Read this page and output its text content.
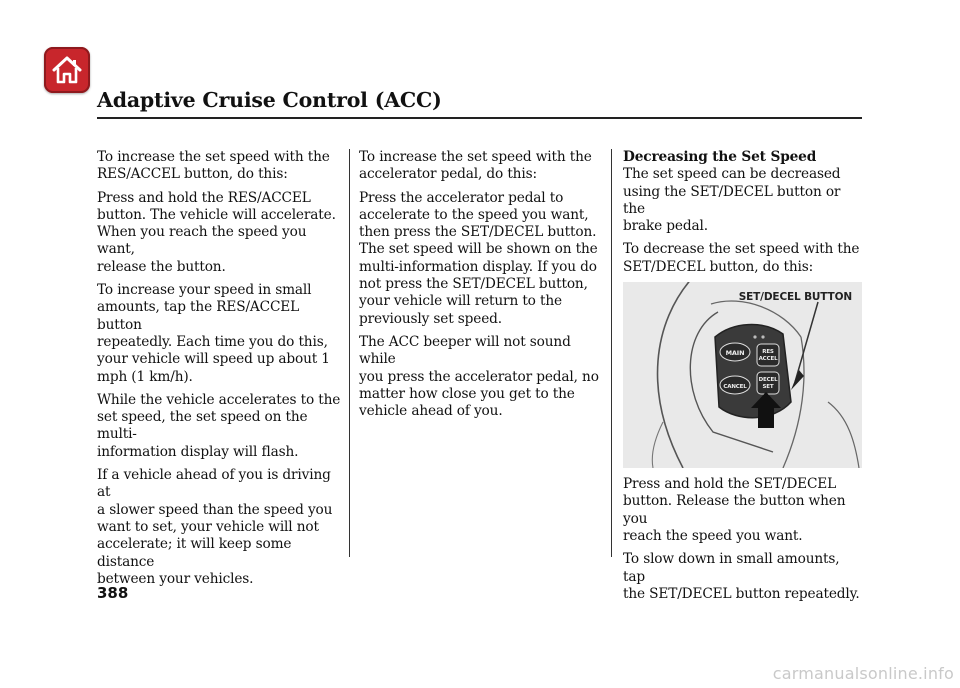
Adaptive Cruise Control (ACC)

To increase the set speed with the
RES/ACCEL button, do this:

Press and hold the RES/ACCEL
button. The vehicle will accelerate.
When you reach the speed you want,
release the button.

To increase your speed in small
amounts, tap the RES/ACCEL button
repeatedly. Each time you do this,
your vehicle will speed up about 1
mph (1 km/h).

While the vehicle accelerates to the
set speed, the set speed on the multi-
information display will flash.

If a vehicle ahead of you is driving at
a slower speed than the speed you
want to set, your vehicle will not
accelerate; it will keep some distance
between your vehicles.

To increase the set speed with the
accelerator pedal, do this:

Press the accelerator pedal to
accelerate to the speed you want,
then press the SET/DECEL button.
The set speed will be shown on the
multi-information display. If you do
not press the SET/DECEL button,
your vehicle will return to the
previously set speed.

The ACC beeper will not sound while
you press the accelerator pedal, no
matter how close you get to the
vehicle ahead of you.

Decreasing the Set Speed

The set speed can be decreased
using the SET/DECEL button or the
brake pedal.

To decrease the set speed with the
SET/DECEL button, do this:

MAIN
CANCEL
RES
ACCEL
DECEL
SET
SET/DECEL BUTTON

Press and hold the SET/DECEL
button. Release the button when you
reach the speed you want.

To slow down in small amounts, tap
the SET/DECEL button repeatedly.

388
carmanualsonline.info
